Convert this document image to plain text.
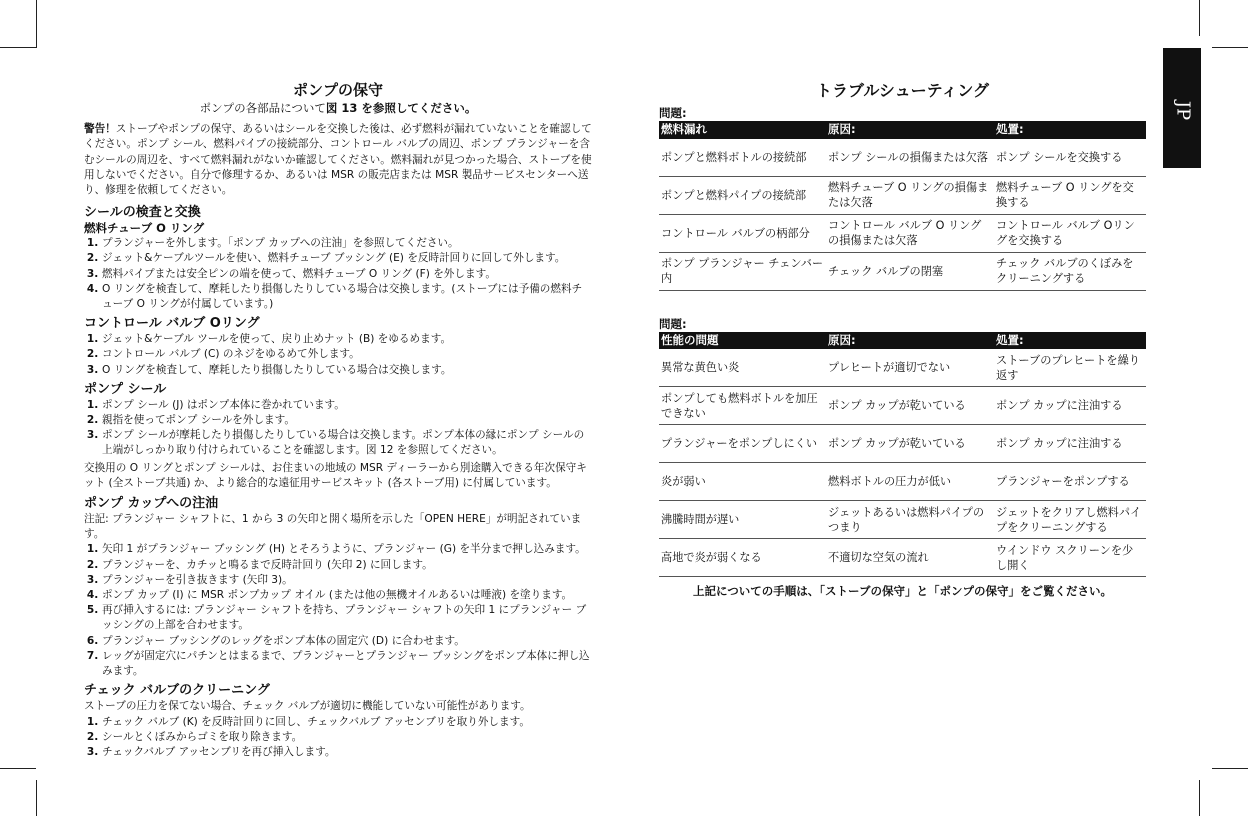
JP
ポンプの保守
ポンプの各部品について図 13 を参照してください。

警告！ストーブやポンプの保守、あるいはシールを交換した後は、必ず燃料が漏れていないことを確認してください。ポンプ シール、燃料パイプの接続部分、コントロール バルブの周辺、ポンプ プランジャーを含むシールの周辺を、すべて燃料漏れがないか確認してください。燃料漏れが見つかった場合、ストーブを使用しないでください。自分で修理するか、あるいは MSR の販売店または MSR 製品サービスセンターへ送り、修理を依頼してください。

シールの検査と交換
燃料チューブ O リング
1. プランジャーを外します。「ポンプ カップへの注油」を参照してください。
2. ジェット&ケーブルツールを使い、燃料チューブ ブッシング (E) を反時計回りに回して外します。
3. 燃料パイプまたは安全ピンの端を使って、燃料チューブ O リング (F) を外します。
4. O リングを検査して、摩耗したり損傷したりしている場合は交換します。(ストーブには予備の燃料チューブ O リングが付属しています。)
コントロール バルブ Oリング
1. ジェット&ケーブル ツールを使って、戻り止めナット (B) をゆるめます。
2. コントロール バルブ (C) のネジをゆるめて外します。
3. O リングを検査して、摩耗したり損傷したりしている場合は交換します。
ポンプ シール
1. ポンプ シール (J) はポンプ本体に巻かれています。
2. 親指を使ってポンプ シールを外します。
3. ポンプ シールが摩耗したり損傷したりしている場合は交換します。ポンプ本体の縁にポンプ シールの上端がしっかり取り付けられていることを確認します。図 12 を参照してください。

交換用の O リングとポンプ シールは、お住まいの地域の MSR ディーラーから別途購入できる年次保守キット (全ストーブ共通) か、より総合的な遠征用サービスキット (各ストーブ用) に付属しています。

ポンプ カップへの注油

注記: プランジャー シャフトに、1 から 3 の矢印と開く場所を示した「OPEN HERE」が明記されています。

1. 矢印 1 がプランジャー ブッシング (H) とそろうように、プランジャー (G) を半分まで押し込みます。
2. プランジャーを、カチッと鳴るまで反時計回り (矢印 2) に回します。
3. プランジャーを引き抜きます (矢印 3)。
4. ポンプ カップ (I) に MSR ポンプカップ オイル (または他の無機オイルあるいは唾液) を塗ります。
5. 再び挿入するには: プランジャー シャフトを持ち、プランジャー シャフトの矢印 1 にプランジャー ブッシングの上部を合わせます。
6. プランジャー ブッシングのレッグをポンプ本体の固定穴 (D) に合わせます。
7. レッグが固定穴にパチンとはまるまで、プランジャーとプランジャー ブッシングをポンプ本体に押し込みます。
チェック バルブのクリーニング

ストーブの圧力を保てない場合、チェック バルブが適切に機能していない可能性があります。

1. チェック バルブ (K) を反時計回りに回し、チェックバルブ アッセンブリを取り外します。
2. シールとくぼみからゴミを取り除きます。
3. チェックバルブ アッセンブリを再び挿入します。
トラブルシューティング
問題:
燃料漏れ	原因:	処置:
ポンプと燃料ボトルの接続部	ポンプ シールの損傷または欠落	ポンプ シールを交換する
ポンプと燃料パイプの接続部	燃料チューブ O リングの損傷または欠落	燃料チューブ O リングを交換する
コントロール バルブの柄部分	コントロール バルブ O リングの損傷または欠落	コントロール バルブ Oリングを交換する
ポンプ プランジャー チェンバー内	チェック バルブの閉塞	チェック バルブのくぼみをクリーニングする
問題:
性能の問題	原因:	処置:
異常な黄色い炎	プレヒートが適切でない	ストーブのプレヒートを繰り返す
ポンプしても燃料ボトルを加圧できない	ポンプ カップが乾いている	ポンプ カップに注油する
プランジャーをポンプしにくい	ポンプ カップが乾いている	ポンプ カップに注油する
炎が弱い	燃料ボトルの圧力が低い	プランジャーをポンプする
沸騰時間が遅い	ジェットあるいは燃料パイプのつまり	ジェットをクリアし燃料パイプをクリーニングする
高地で炎が弱くなる	不適切な空気の流れ	ウインドウ スクリーンを少し開く
上記についての手順は、「ストーブの保守」と「ポンプの保守」をご覧ください。
